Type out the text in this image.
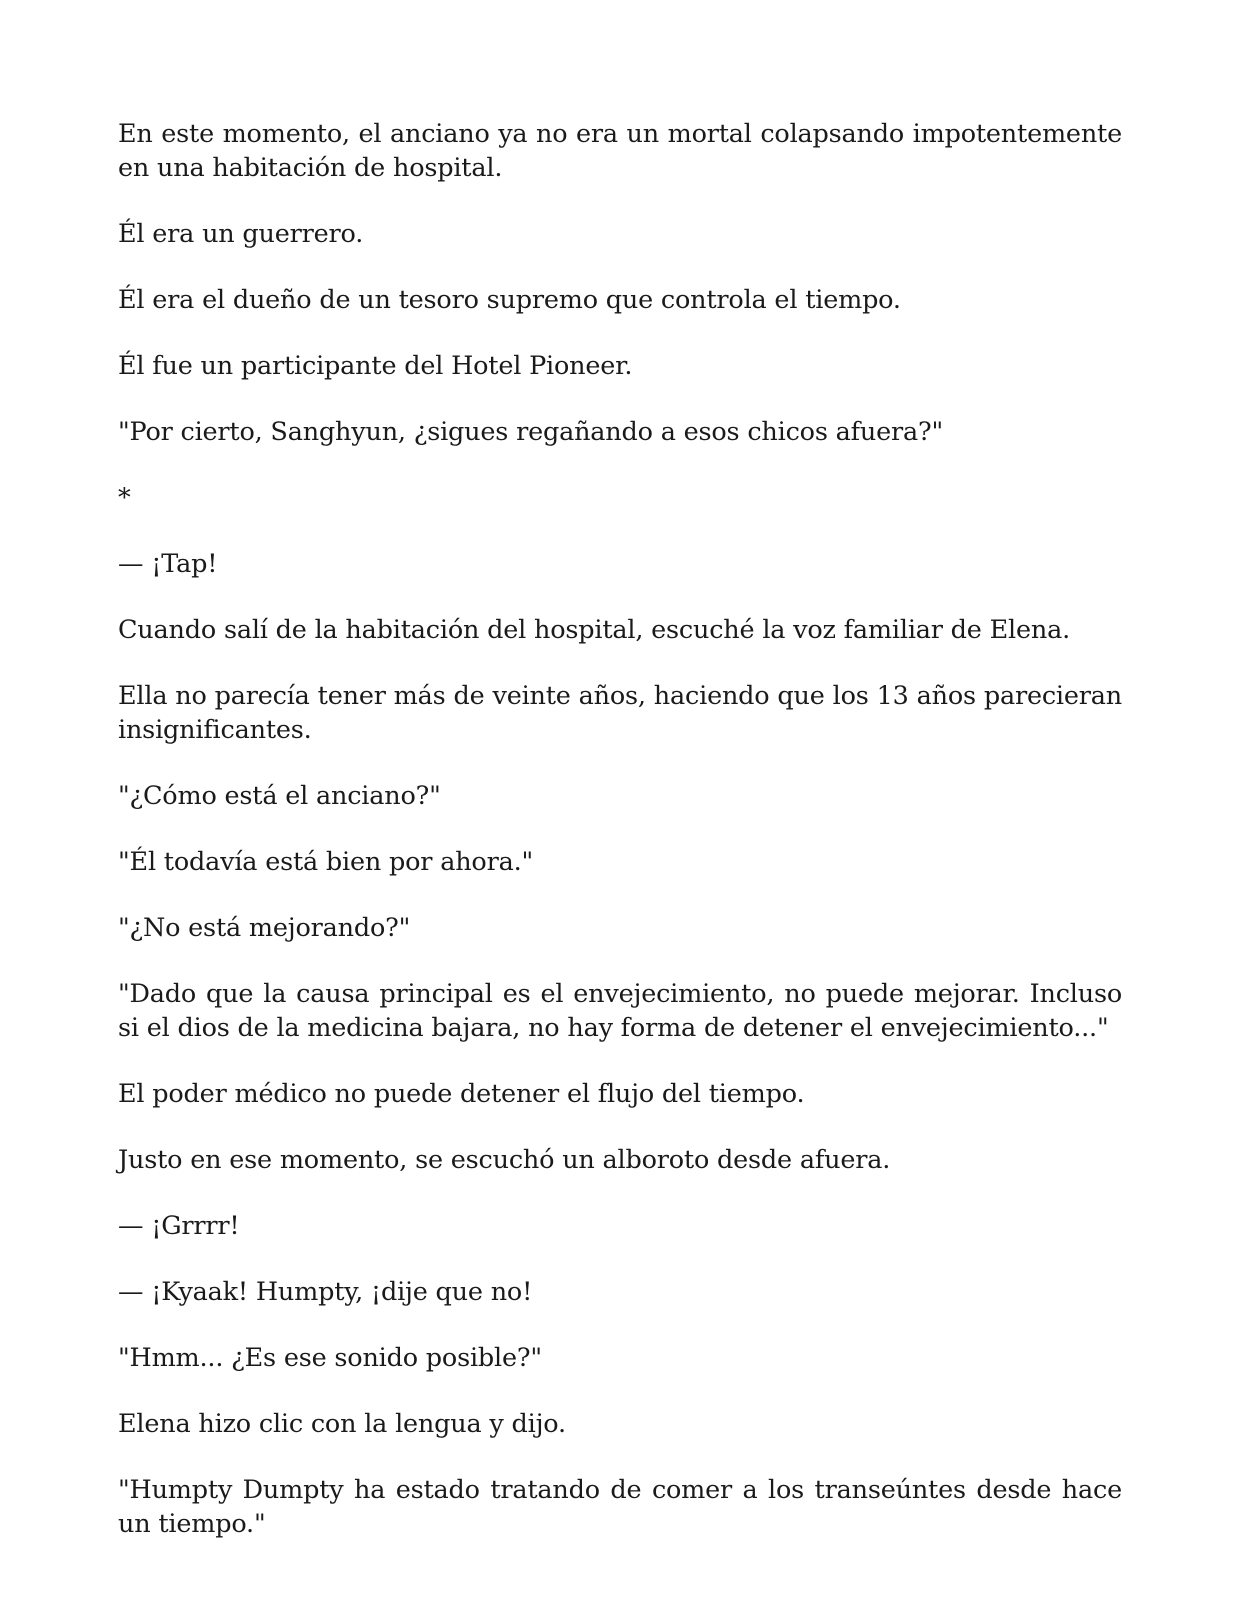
En este momento, el anciano ya no era un mortal colapsando impotentemente en una habitación de hospital.

Él era un guerrero.

Él era el dueño de un tesoro supremo que controla el tiempo.

Él fue un participante del Hotel Pioneer.

"Por cierto, Sanghyun, ¿sigues regañando a esos chicos afuera?"

*

— ¡Tap!

Cuando salí de la habitación del hospital, escuché la voz familiar de Elena.

Ella no parecía tener más de veinte años, haciendo que los 13 años parecieran insignificantes.

"¿Cómo está el anciano?"

"Él todavía está bien por ahora."

"¿No está mejorando?"

"Dado que la causa principal es el envejecimiento, no puede mejorar. Incluso si el dios de la medicina bajara, no hay forma de detener el envejecimiento..."

El poder médico no puede detener el flujo del tiempo.

Justo en ese momento, se escuchó un alboroto desde afuera.

— ¡Grrrr!

— ¡Kyaak! Humpty, ¡dije que no!

"Hmm... ¿Es ese sonido posible?"

Elena hizo clic con la lengua y dijo.

"Humpty Dumpty ha estado tratando de comer a los transeúntes desde hace un tiempo."
